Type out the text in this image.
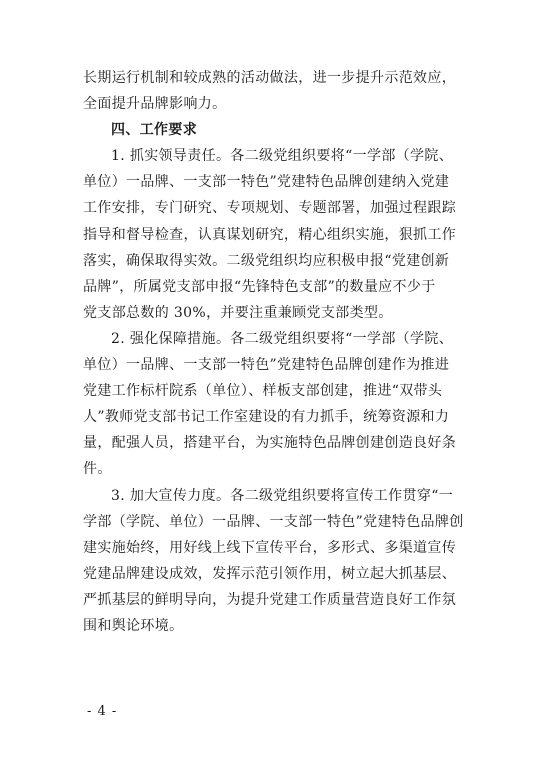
长期运行机制和较成熟的活动做法，进一步提升示范效应，
全面提升品牌影响力。
四、工作要求
1. 抓实领导责任。各二级党组织要将“一学部（学院、
单位）一品牌、一支部一特色”党建特色品牌创建纳入党建
工作安排，专门研究、专项规划、专题部署，加强过程跟踪
指导和督导检查，认真谋划研究，精心组织实施，狠抓工作
落实，确保取得实效。二级党组织均应积极申报“党建创新
品牌”，所属党支部申报“先锋特色支部”的数量应不少于
党支部总数的 30%，并要注重兼顾党支部类型。
2. 强化保障措施。各二级党组织要将“一学部（学院、
单位）一品牌、一支部一特色”党建特色品牌创建作为推进
党建工作标杆院系（单位）、样板支部创建，推进“双带头
人”教师党支部书记工作室建设的有力抓手，统筹资源和力
量，配强人员，搭建平台，为实施特色品牌创建创造良好条
件。
3. 加大宣传力度。各二级党组织要将宣传工作贯穿“一
学部（学院、单位）一品牌、一支部一特色”党建特色品牌创
建实施始终，用好线上线下宣传平台，多形式、多渠道宣传
党建品牌建设成效，发挥示范引领作用，树立起大抓基层、
严抓基层的鲜明导向，为提升党建工作质量营造良好工作氛
围和舆论环境。
- 4 -
